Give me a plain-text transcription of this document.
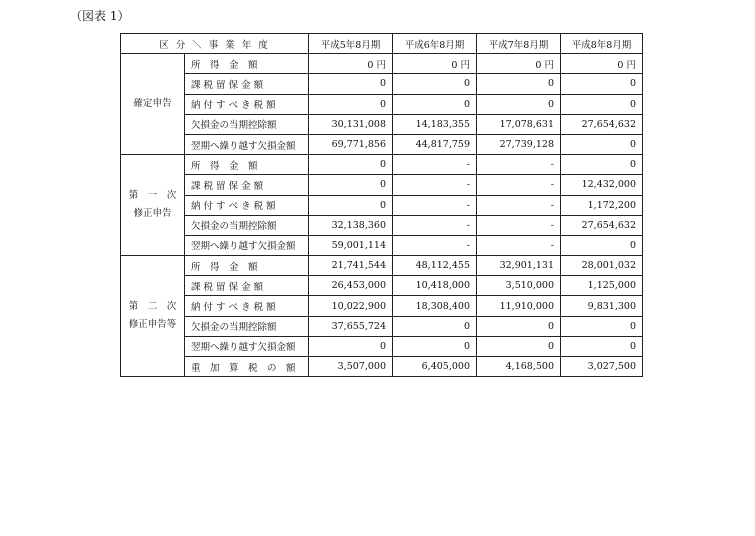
（図表 1）
区 分 ＼ 事 業 年 度		平成5年8月期	平成6年8月期	平成7年8月期	平成8年8月期

確定申告	所　得　金　額	0 円	0 円	0 円	0 円
	課 税 留 保 金 額	0	0	0	0
	納 付 す べ き 税 額	0	0	0	0
	欠損金の当期控除額	30,131,008	14,183,355	17,078,631	27,654,632
	翌期へ繰り越す欠損金額	69,771,856	44,817,759	27,739,128	0

第　一　次
修正申告	所　得　金　額	0	-	-	0
	課 税 留 保 金 額	0	-	-	12,432,000
	納 付 す べ き 税 額	0	-	-	1,172,200
	欠損金の当期控除額	32,138,360	-	-	27,654,632
	翌期へ繰り越す欠損金額	59,001,114	-	-	0

第　二　次
修正申告等	所　得　金　額	21,741,544	48,112,455	32,901,131	28,001,032
	課 税 留 保 金 額	26,453,000	10,418,000	3,510,000	1,125,000
	納 付 す べ き 税 額	10,022,900	18,308,400	11,910,000	9,831,300
	欠損金の当期控除額	37,655,724	0	0	0
	翌期へ繰り越す欠損金額	0	0	0	0
	重　加　算　税　の　額	3,507,000	6,405,000	4,168,500	3,027,500
